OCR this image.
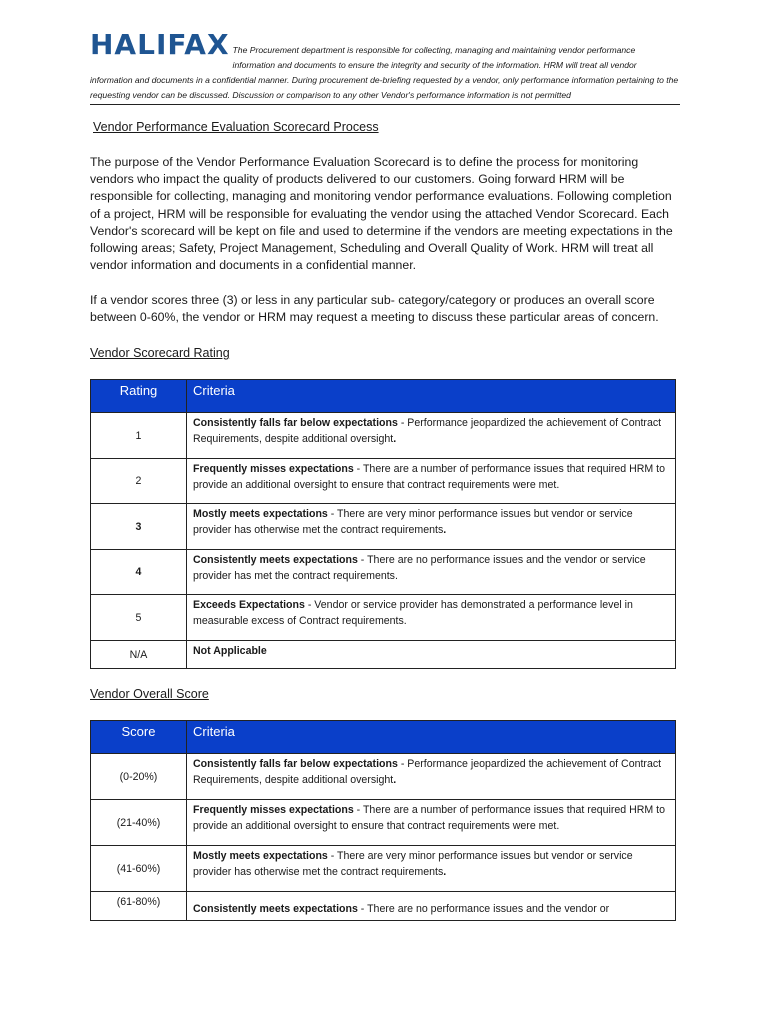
HALIFAX The Procurement department is responsible for collecting, managing and maintaining vendor performance information and documents to ensure the integrity and security of the information. HRM will treat all vendor information and documents in a confidential manner. During procurement de-briefing requested by a vendor, only performance information pertaining to the requesting vendor can be discussed. Discussion or comparison to any other Vendor's performance information is not permitted
Vendor Performance Evaluation Scorecard Process
The purpose of the Vendor Performance Evaluation Scorecard is to define the process for monitoring vendors who impact the quality of products delivered to our customers. Going forward HRM will be responsible for collecting, managing and monitoring vendor performance evaluations. Following completion of a project, HRM will be responsible for evaluating the vendor using the attached Vendor Scorecard. Each Vendor's scorecard will be kept on file and used to determine if the vendors are meeting expectations in the following areas; Safety, Project Management, Scheduling and Overall Quality of Work. HRM will treat all vendor information and documents in a confidential manner.
If a vendor scores three (3) or less in any particular sub- category/category or produces an overall score between 0-60%, the vendor or HRM may request a meeting to discuss these particular areas of concern.
Vendor Scorecard Rating
Rating	Criteria
1	Consistently falls far below expectations - Performance jeopardized the achievement of Contract Requirements, despite additional oversight.
2	Frequently misses expectations - There are a number of performance issues that required HRM to provide an additional oversight to ensure that contract requirements were met.
3	Mostly meets expectations - There are very minor performance issues but vendor or service provider has otherwise met the contract requirements.
4	Consistently meets expectations - There are no performance issues and the vendor or service provider has met the contract requirements.
5	Exceeds Expectations - Vendor or service provider has demonstrated a performance level in measurable excess of Contract requirements.
N/A	Not Applicable
Vendor Overall Score
Score	Criteria
(0-20%)	Consistently falls far below expectations - Performance jeopardized the achievement of Contract Requirements, despite additional oversight.
(21-40%)	Frequently misses expectations - There are a number of performance issues that required HRM to provide an additional oversight to ensure that contract requirements were met.
(41-60%)	Mostly meets expectations - There are very minor performance issues but vendor or service provider has otherwise met the contract requirements.
(61-80%)	Consistently meets expectations - There are no performance issues and the vendor or
